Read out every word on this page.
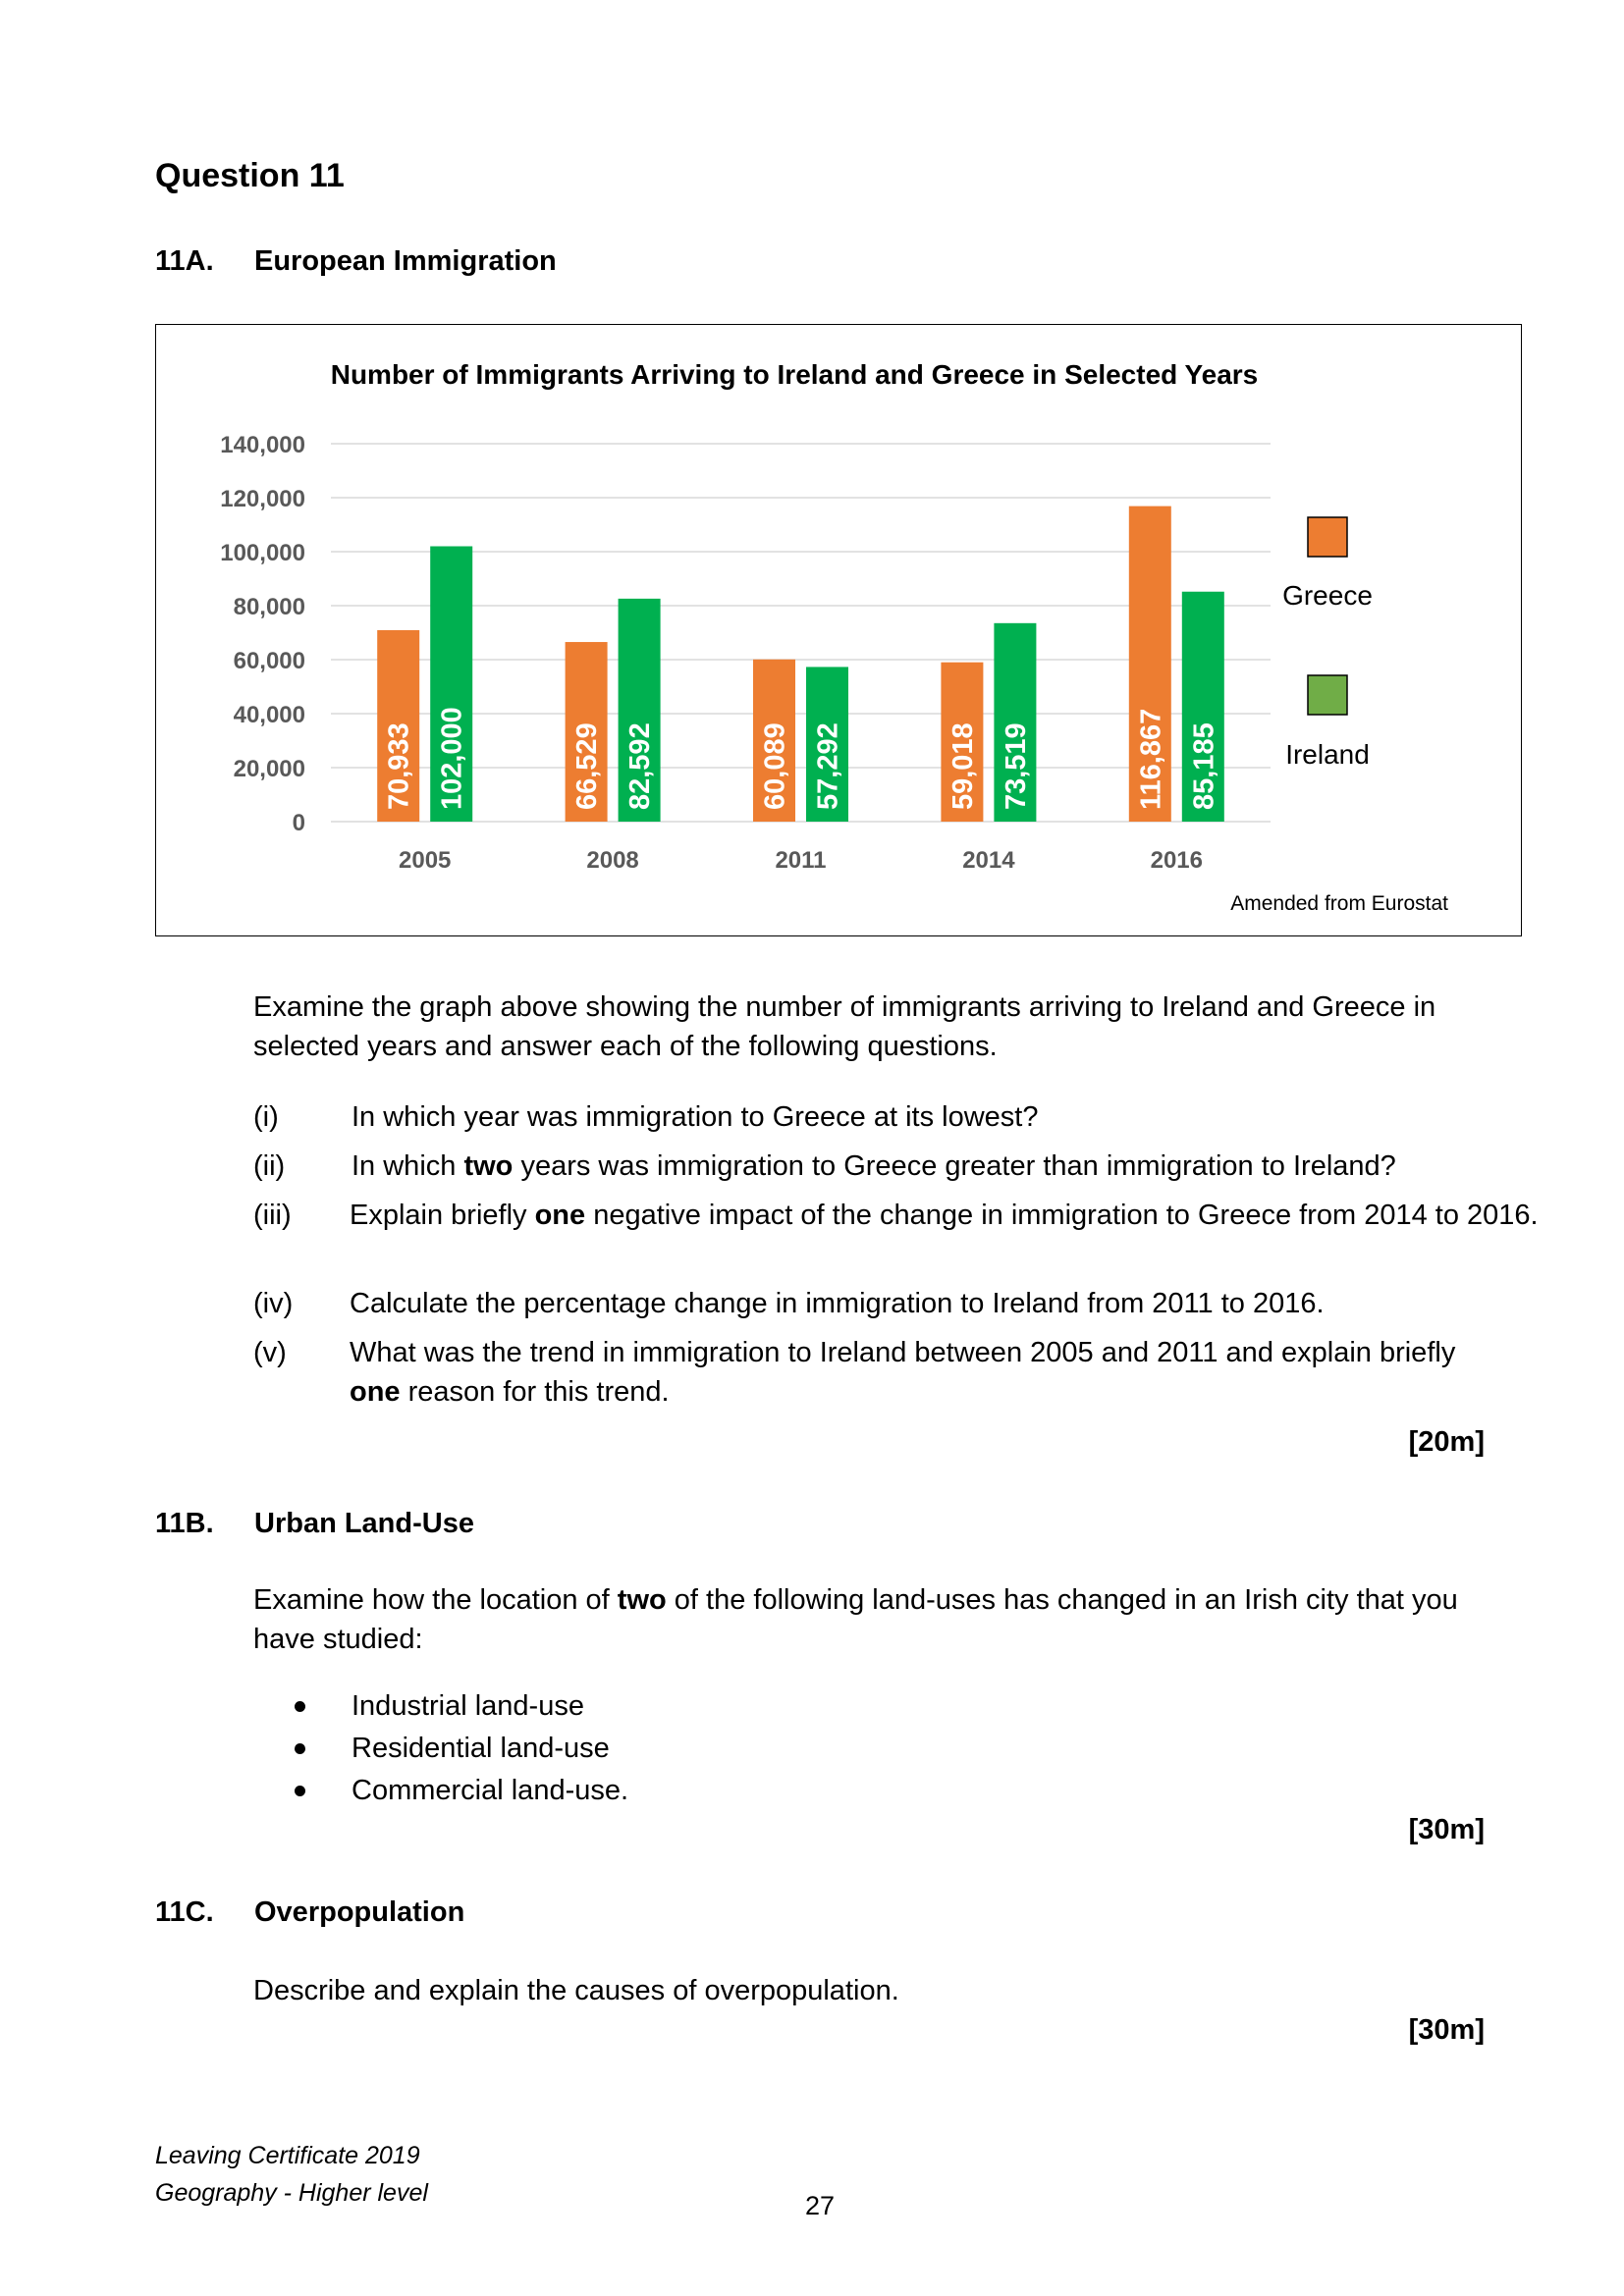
Question 11
11A. European Immigration
Number of Immigrants Arriving to Ireland and Greece in Selected Years
0
20,000
40,000
60,000
80,000
100,000
120,000
140,000
70,933 102,000
2005
66,529 82,592
2008
60,089 57,292
2011
59,018 73,519
2014
116,867 85,185
2016
Greece
Ireland
Amended from Eurostat
Examine the graph above showing the number of immigrants arriving to Ireland and Greece in selected years and answer each of the following questions.
(i)	In which year was immigration to Greece at its lowest?
(ii) In which two years was immigration to Greece greater than immigration to Ireland?
(iii) Explain briefly one negative impact of the change in immigration to Greece from 2014 to 2016.
(iv) Calculate the percentage change in immigration to Ireland from 2011 to 2016.
(v) What was the trend in immigration to Ireland between 2005 and 2011 and explain briefly one reason for this trend.
[20m]
11B. Urban Land-Use
Examine how the location of two of the following land-uses has changed in an Irish city that you have studied:
Industrial land-use
Residential land-use
Commercial land-use.
[30m]
11C. Overpopulation
Describe and explain the causes of overpopulation.
[30m]
Leaving Certificate 2019
Geography - Higher level	27
